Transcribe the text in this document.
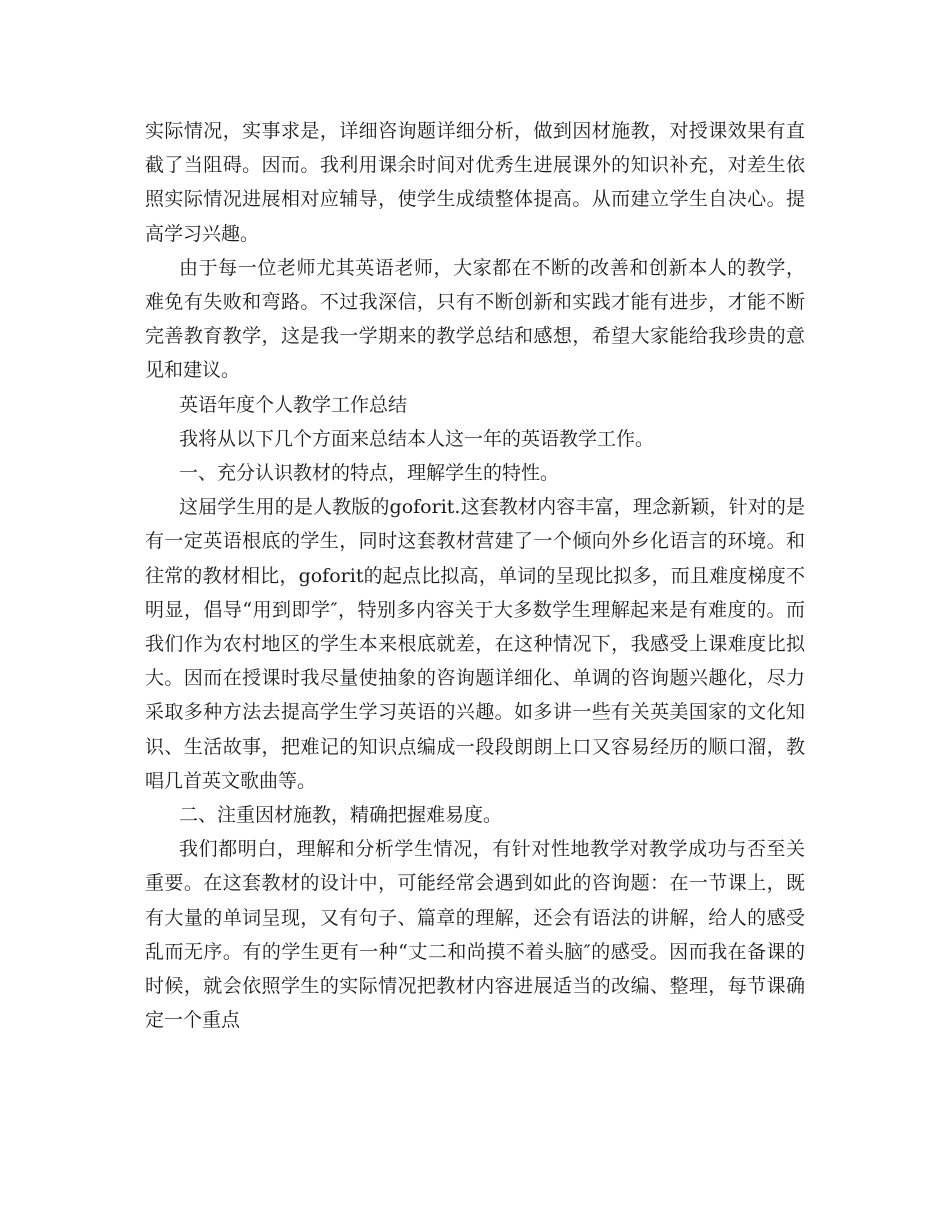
实际情况，实事求是，详细咨询题详细分析，做到因材施教，对授课效果有直截了当阻碍。因而。我利用课余时间对优秀生进展课外的知识补充，对差生依照实际情况进展相对应辅导，使学生成绩整体提高。从而建立学生自决心。提高学习兴趣。

由于每一位老师尤其英语老师，大家都在不断的改善和创新本人的教学，难免有失败和弯路。不过我深信，只有不断创新和实践才能有进步，才能不断完善教育教学，这是我一学期来的教学总结和感想，希望大家能给我珍贵的意见和建议。

英语年度个人教学工作总结

我将从以下几个方面来总结本人这一年的英语教学工作。

一、充分认识教材的特点，理解学生的特性。

这届学生用的是人教版的goforit.这套教材内容丰富，理念新颖，针对的是有一定英语根底的学生，同时这套教材营建了一个倾向外乡化语言的环境。和往常的教材相比，goforit的起点比拟高，单词的呈现比拟多，而且难度梯度不明显，倡导“用到即学″，特别多内容关于大多数学生理解起来是有难度的。而我们作为农村地区的学生本来根底就差，在这种情况下，我感受上课难度比拟大。因而在授课时我尽量使抽象的咨询题详细化、单调的咨询题兴趣化，尽力采取多种方法去提高学生学习英语的兴趣。如多讲一些有关英美国家的文化知识、生活故事，把难记的知识点编成一段段朗朗上口又容易经历的顺口溜，教唱几首英文歌曲等。

二、注重因材施教，精确把握难易度。

我们都明白，理解和分析学生情况，有针对性地教学对教学成功与否至关重要。在这套教材的设计中，可能经常会遇到如此的咨询题：在一节课上，既有大量的单词呈现，又有句子、篇章的理解，还会有语法的讲解，给人的感受乱而无序。有的学生更有一种“丈二和尚摸不着头脑″的感受。因而我在备课的时候，就会依照学生的实际情况把教材内容进展适当的改编、整理，每节课确定一个重点
